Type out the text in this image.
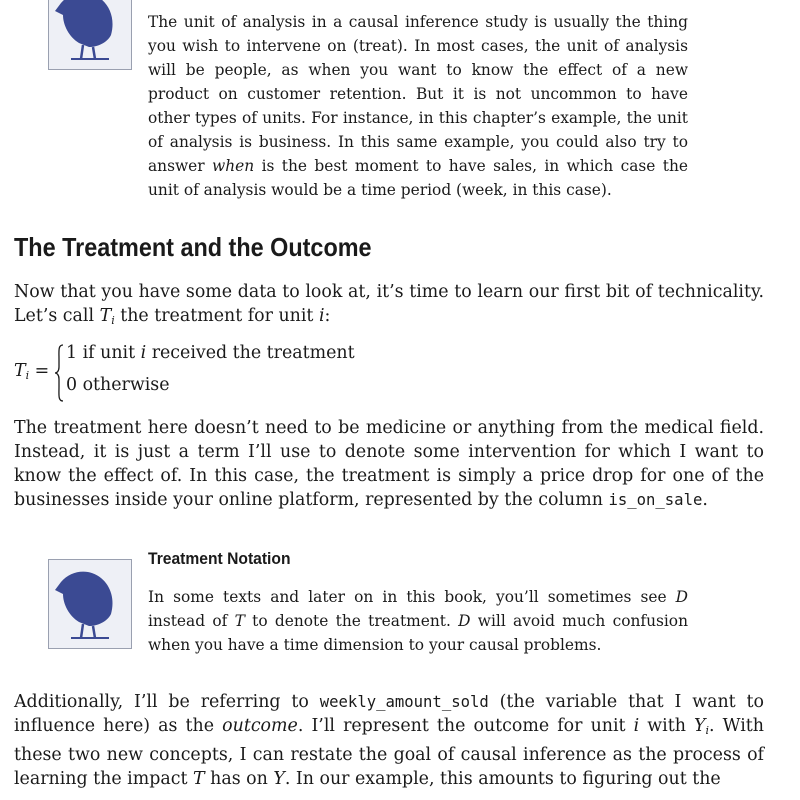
The unit of analysis in a causal inference study is usually the thing you wish to intervene on (treat). In most cases, the unit of analysis will be people, as when you want to know the effect of a new product on customer retention. But it is not uncommon to have other types of units. For instance, in this chapter’s example, the unit of analysis is business. In this same example, you could also try to answer when is the best moment to have sales, in which case the unit of analysis would be a time period (week, in this case).
The Treatment and the Outcome

Now that you have some data to look at, it’s time to learn our first bit of technicality. Let’s call $T_i$ the treatment for unit i:

$T_i$ =
1 if unit i received the treatment
0 otherwise

The treatment here doesn’t need to be medicine or anything from the medical field. Instead, it is just a term I’ll use to denote some intervention for which I want to know the effect of. In this case, the treatment is simply a price drop for one of the businesses inside your online platform, represented by the column is_on_sale.

Treatment Notation
In some texts and later on in this book, you’ll sometimes see D instead of T to denote the treatment. D will avoid much confusion when you have a time dimension to your causal problems.

Additionally, I’ll be referring to weekly_amount_sold (the variable that I want to influence here) as the outcome. I’ll represent the outcome for unit i with $Y_i$. With these two new concepts, I can restate the goal of causal inference as the process of learning the impact T has on Y. In our example, this amounts to figuring out the
